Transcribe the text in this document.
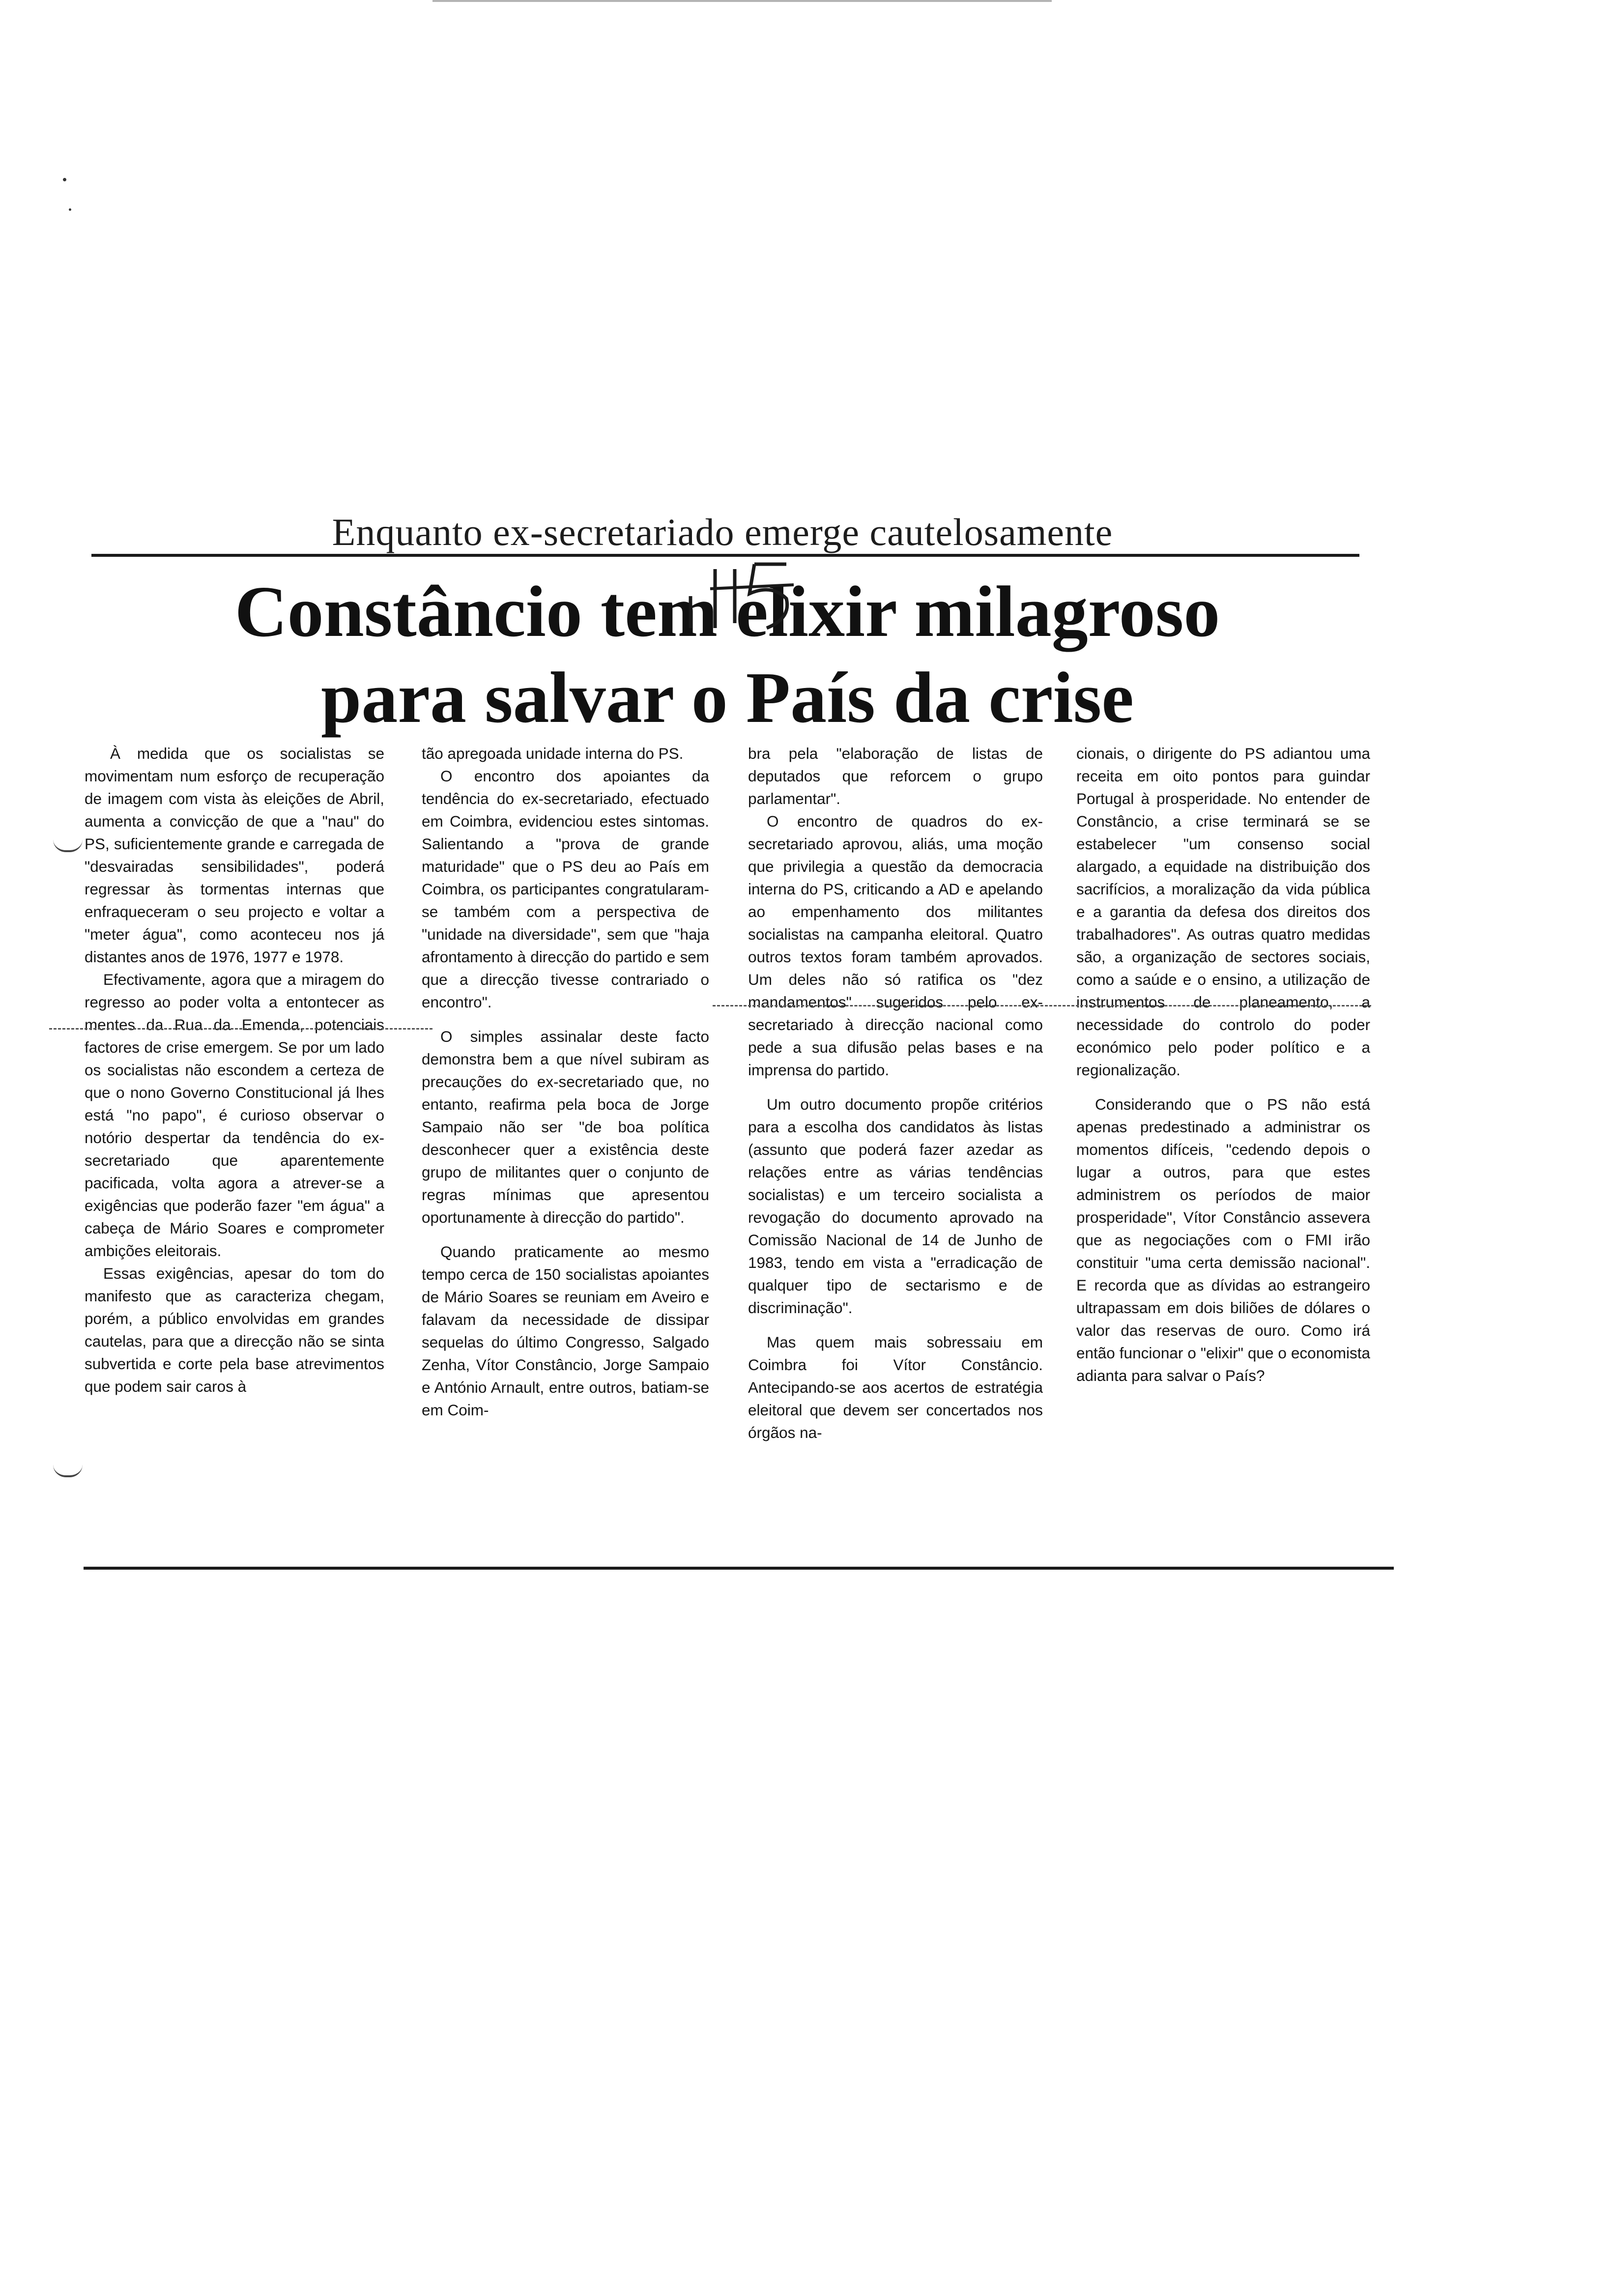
Enquanto ex-secretariado emerge cautelosamente
Constâncio tem elixir milagroso
para salvar o País da crise

À medida que os socialistas se movimentam num esforço de recuperação de imagem com vista às eleições de Abril, aumenta a convicção de que a "nau" do PS, suficientemente grande e carregada de "desvairadas sensibilidades", poderá regressar às tormentas internas que enfraqueceram o seu projecto e voltar a "meter água", como aconteceu nos já distantes anos de 1976, 1977 e 1978.

Efectivamente, agora que a miragem do regresso ao poder volta a entontecer as mentes da Rua da Emenda, potenciais factores de crise emergem. Se por um lado os socialistas não escondem a certeza de que o nono Governo Constitucional já lhes está "no papo", é curioso observar o notório despertar da tendência do ex-secretariado que aparentemente pacificada, volta agora a atrever-se a exigências que poderão fazer "em água" a cabeça de Mário Soares e comprometer ambições eleitorais.

Essas exigências, apesar do tom do manifesto que as caracteriza chegam, porém, a público envolvidas em grandes cautelas, para que a direcção não se sinta subvertida e corte pela base atrevimentos que podem sair caros à

tão apregoada unidade interna do PS.

O encontro dos apoiantes da tendência do ex-secretariado, efectuado em Coimbra, evidenciou estes sintomas. Salientando a "prova de grande maturidade" que o PS deu ao País em Coimbra, os participantes congratularam-se também com a perspectiva de "unidade na diversidade", sem que "haja afrontamento à direcção do partido e sem que a direcção tivesse contrariado o encontro".

O simples assinalar deste facto demonstra bem a que nível subiram as precauções do ex-secretariado que, no entanto, reafirma pela boca de Jorge Sampaio não ser "de boa política desconhecer quer a existência deste grupo de militantes quer o conjunto de regras mínimas que apresentou oportunamente à direcção do partido".

Quando praticamente ao mesmo tempo cerca de 150 socialistas apoiantes de Mário Soares se reuniam em Aveiro e falavam da necessidade de dissipar sequelas do último Congresso, Salgado Zenha, Vítor Constâncio, Jorge Sampaio e António Arnault, entre outros, batiam-se em Coim-

bra pela "elaboração de listas de deputados que reforcem o grupo parlamentar".

O encontro de quadros do ex-secretariado aprovou, aliás, uma moção que privilegia a questão da democracia interna do PS, criticando a AD e apelando ao empenhamento dos militantes socialistas na campanha eleitoral. Quatro outros textos foram também aprovados. Um deles não só ratifica os "dez mandamentos" sugeridos pelo ex-secretariado à direcção nacional como pede a sua difusão pelas bases e na imprensa do partido.

Um outro documento propõe critérios para a escolha dos candidatos às listas (assunto que poderá fazer azedar as relações entre as várias tendências socialistas) e um terceiro socialista a revogação do documento aprovado na Comissão Nacional de 14 de Junho de 1983, tendo em vista a "erradicação de qualquer tipo de sectarismo e de discriminação".

Mas quem mais sobressaiu em Coimbra foi Vítor Constâncio. Antecipando-se aos acertos de estratégia eleitoral que devem ser concertados nos órgãos na-

cionais, o dirigente do PS adiantou uma receita em oito pontos para guindar Portugal à prosperidade. No entender de Constâncio, a crise terminará se se estabelecer "um consenso social alargado, a equidade na distribuição dos sacrifícios, a moralização da vida pública e a garantia da defesa dos direitos dos trabalhadores". As outras quatro medidas são, a organização de sectores sociais, como a saúde e o ensino, a utilização de instrumentos de planeamento, a necessidade do controlo do poder económico pelo poder político e a regionalização.

Considerando que o PS não está apenas predestinado a administrar os momentos difíceis, "cedendo depois o lugar a outros, para que estes administrem os períodos de maior prosperidade", Vítor Constâncio assevera que as negociações com o FMI irão constituir "uma certa demissão nacional". E recorda que as dívidas ao estrangeiro ultrapassam em dois biliões de dólares o valor das reservas de ouro. Como irá então funcionar o "elixir" que o economista adianta para salvar o País?
